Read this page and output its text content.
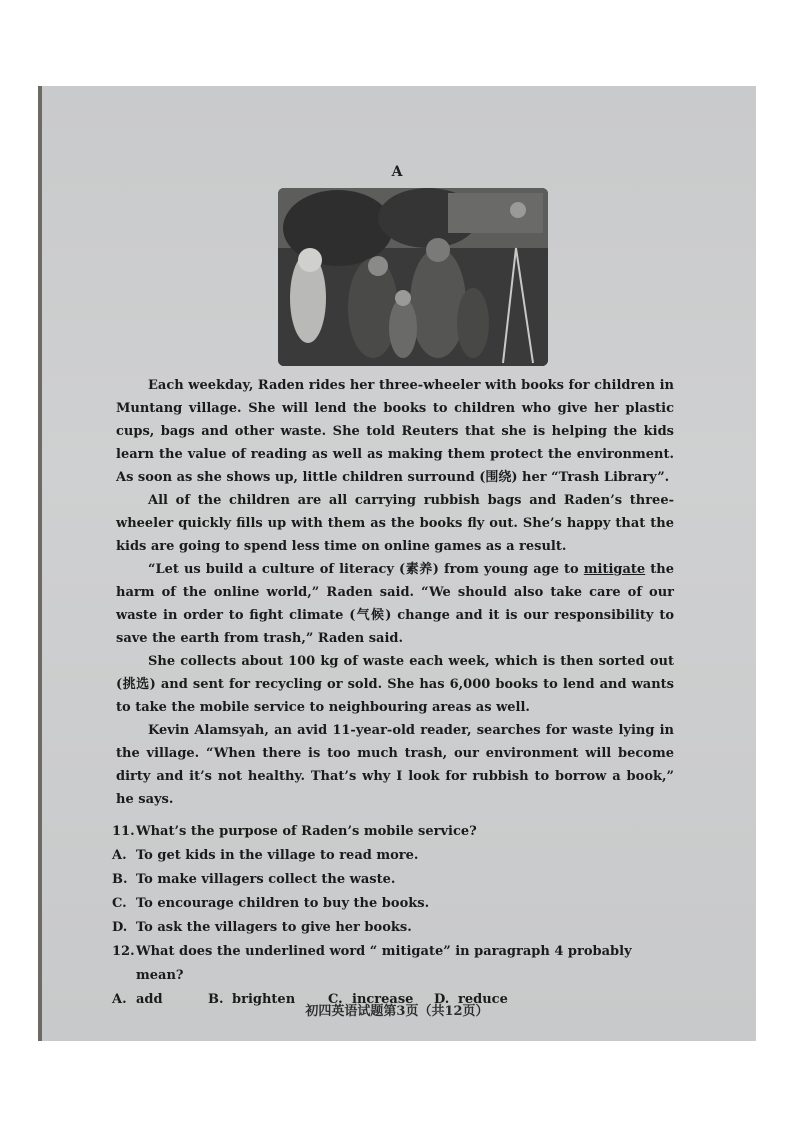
A

Each weekday, Raden rides her three-wheeler with books for children in Muntang village. She will lend the books to children who give her plastic cups, bags and other waste. She told Reuters that she is helping the kids learn the value of reading as well as making them protect the environment. As soon as she shows up, little children surround (围绕) her “Trash Library”.

All of the children are all carrying rubbish bags and Raden’s three-wheeler quickly fills up with them as the books fly out. She’s happy that the kids are going to spend less time on online games as a result.

“Let us build a culture of literacy (素养) from young age to mitigate the harm of the online world,” Raden said. “We should also take care of our waste in order to fight climate (气候) change and it is our responsibility to save the earth from trash,” Raden said.

She collects about 100 kg of waste each week, which is then sorted out (挑选) and sent for recycling or sold. She has 6,000 books to lend and wants to take the mobile service to neighbouring areas as well.

Kevin Alamsyah, an avid 11-year-old reader, searches for waste lying in the village. “When there is too much trash, our environment will become dirty and it’s not healthy. That’s why I look for rubbish to borrow a book,” he says.

11. What’s the purpose of Raden’s mobile service?
A. To get kids in the village to read more.
B. To make villagers collect the waste.
C. To encourage children to buy the books.
D. To ask the villagers to give her books.
12. What does the underlined word “ mitigate” in paragraph 4 probably mean?
A. add	B. brighten	C. increase D. reduce
初四英语试题第3页（共12页）
